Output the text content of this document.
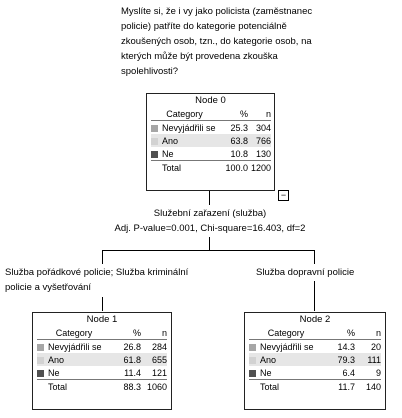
Myslíte si, že i vy jako policista (zaměstnanec
policie) patříte do kategorie potenciálně
zkoušených osob, tzn., do kategorie osob, na
kterých může být provedena zkouška
spolehlivosti?
Služební zařazení (služba)
Adj. P-value=0.001, Chi-square=16.403, df=2
Služba pořádkové policie; Služba kriminální
policie a vyšetřování
Služba dopravní policie
Node 0
Category	%	n
Nevyjádřili se	25.3	304
Ano	63.8	766
Ne	10.8	130
Total	100.0	1200
−
Node 1
Category	%	n
Nevyjádřili se	26.8	284
Ano	61.8	655
Ne	11.4	121
Total	88.3	1060
Node 2
Category	%	n
Nevyjádřili se	14.3	20
Ano	79.3	111
Ne	6.4	9
Total	11.7	140
